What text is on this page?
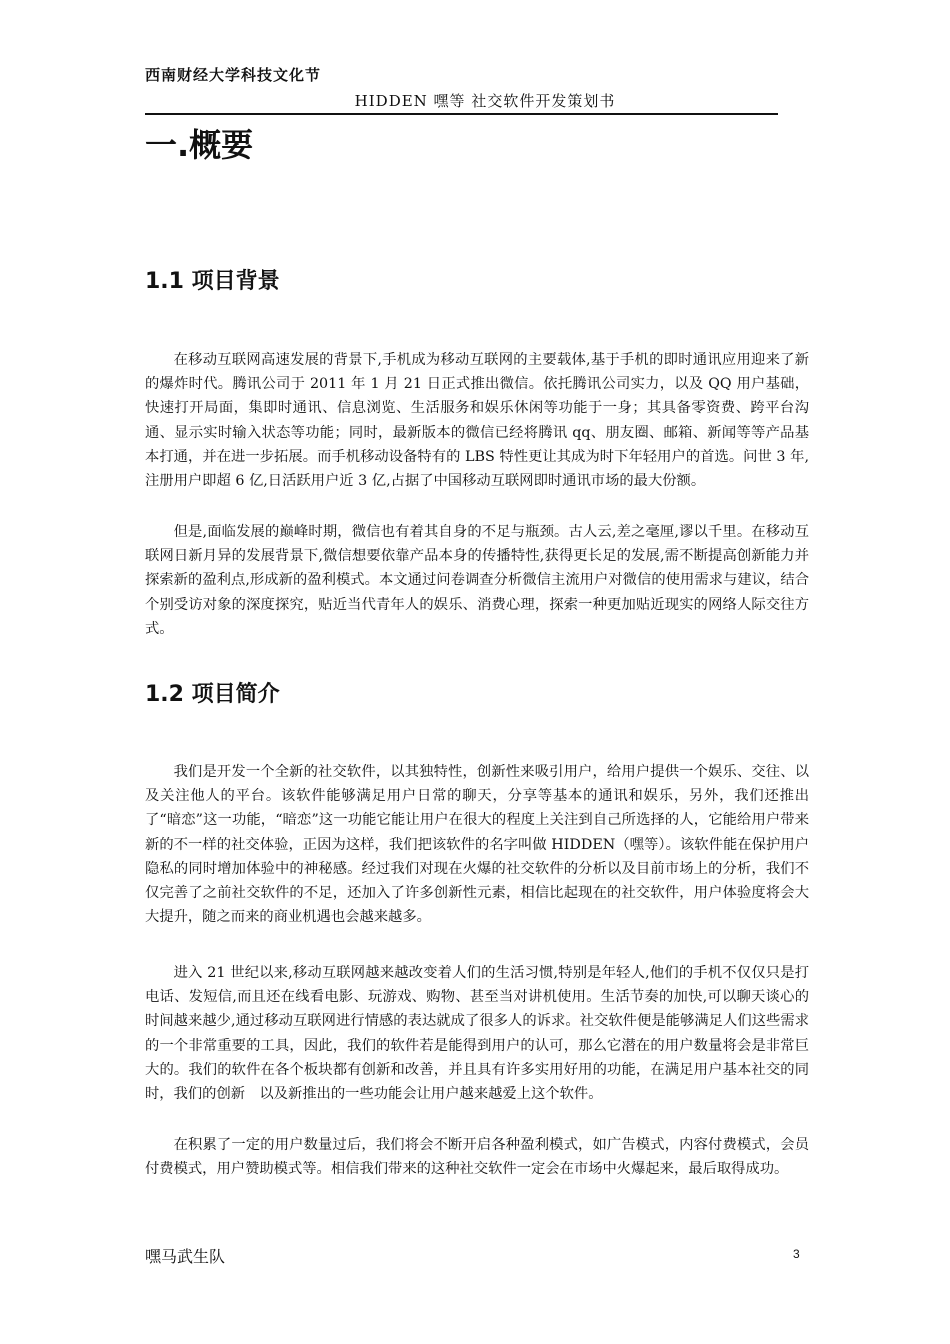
西南财经大学科技文化节
HIDDEN 嘿等 社交软件开发策划书
一.概要
1.1 项目背景

在移动互联网高速发展的背景下,手机成为移动互联网的主要载体,基于手机的即时通讯应用迎来了新的爆炸时代。腾讯公司于 2011 年 1 月 21 日正式推出微信。依托腾讯公司实力，以及 QQ 用户基础，快速打开局面，集即时通讯、信息浏览、生活服务和娱乐休闲等功能于一身；其具备零资费、跨平台沟通、显示实时输入状态等功能；同时，最新版本的微信已经将腾讯 qq、朋友圈、邮箱、新闻等等产品基本打通，并在进一步拓展。而手机移动设备特有的 LBS 特性更让其成为时下年轻用户的首选。问世 3 年,注册用户即超 6 亿,日活跃用户近 3 亿,占据了中国移动互联网即时通讯市场的最大份额。

但是,面临发展的巅峰时期，微信也有着其自身的不足与瓶颈。古人云,差之毫厘,谬以千里。在移动互联网日新月异的发展背景下,微信想要依靠产品本身的传播特性,获得更长足的发展,需不断提高创新能力并探索新的盈利点,形成新的盈利模式。本文通过问卷调查分析微信主流用户对微信的使用需求与建议，结合个别受访对象的深度探究，贴近当代青年人的娱乐、消费心理，探索一种更加贴近现实的网络人际交往方式。

1.2 项目简介

我们是开发一个全新的社交软件，以其独特性，创新性来吸引用户，给用户提供一个娱乐、交往、以及关注他人的平台。该软件能够满足用户日常的聊天，分享等基本的通讯和娱乐，另外，我们还推出了“暗恋”这一功能，“暗恋”这一功能它能让用户在很大的程度上关注到自己所选择的人，它能给用户带来新的不一样的社交体验，正因为这样，我们把该软件的名字叫做 HIDDEN（嘿等）。该软件能在保护用户隐私的同时增加体验中的神秘感。经过我们对现在火爆的社交软件的分析以及目前市场上的分析，我们不仅完善了之前社交软件的不足，还加入了许多创新性元素，相信比起现在的社交软件，用户体验度将会大大提升，随之而来的商业机遇也会越来越多。

进入 21 世纪以来,移动互联网越来越改变着人们的生活习惯,特别是年轻人,他们的手机不仅仅只是打电话、发短信,而且还在线看电影、玩游戏、购物、甚至当对讲机使用。生活节奏的加快,可以聊天谈心的时间越来越少,通过移动互联网进行情感的表达就成了很多人的诉求。社交软件便是能够满足人们这些需求的一个非常重要的工具，因此，我们的软件若是能得到用户的认可，那么它潜在的用户数量将会是非常巨大的。我们的软件在各个板块都有创新和改善，并且具有许多实用好用的功能，在满足用户基本社交的同时，我们的创新　以及新推出的一些功能会让用户越来越爱上这个软件。

在积累了一定的用户数量过后，我们将会不断开启各种盈利模式，如广告模式，内容付费模式，会员付费模式，用户赞助模式等。相信我们带来的这种社交软件一定会在市场中火爆起来，最后取得成功。

嘿马武生队	3
